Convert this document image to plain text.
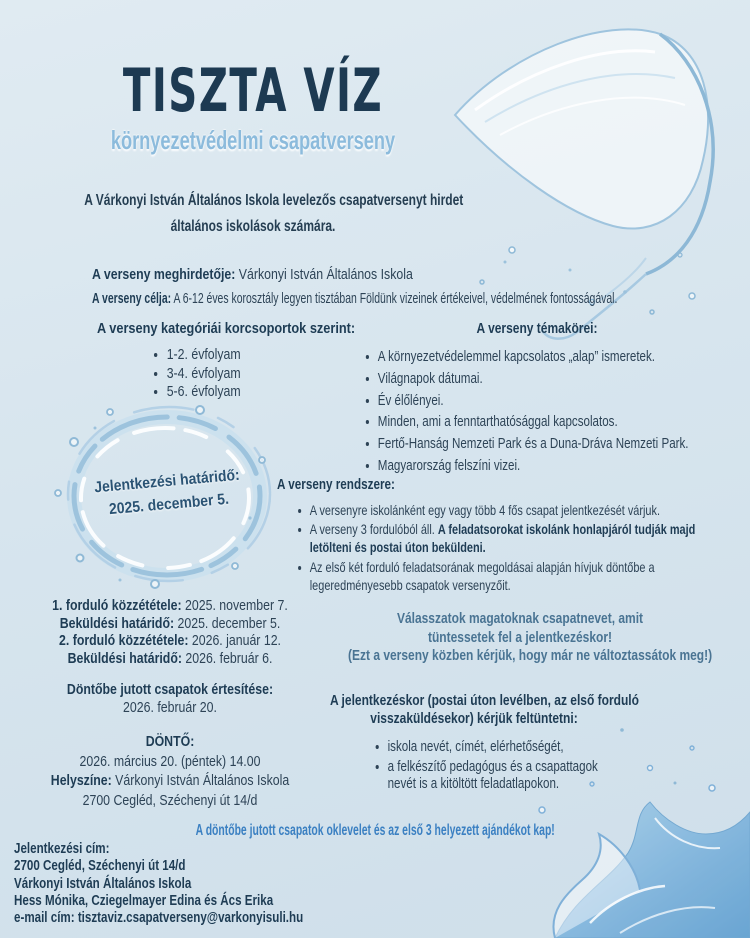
TISZTA VÍZ
környezetvédelmi csapatverseny
A Várkonyi István Általános Iskola levelezős csapatversenyt hirdet
általános iskolások számára.
A verseny meghirdetője: Várkonyi István Általános Iskola
A verseny célja: A 6-12 éves korosztály legyen tisztában Földünk vizeinek értékeivel, védelmének fontosságával.
A verseny kategóriái korcsoportok szerint:
• 1-2. évfolyam
• 3-4. évfolyam
• 5-6. évfolyam
A verseny témakörei:
• A környezetvédelemmel kapcsolatos „alap” ismeretek.
• Világnapok dátumai.
• Év élőlényei.
• Minden, ami a fenntarthatósággal kapcsolatos.
• Fertő-Hanság Nemzeti Park és a Duna-Dráva Nemzeti Park.
• Magyarország felszíni vizei.
Jelentkezési határidő:
2025. december 5.
A verseny rendszere:
• A versenyre iskolánként egy vagy több 4 fős csapat jelentkezését várjuk.
• A verseny 3 fordulóból áll. A feladatsorokat iskolánk honlapjáról tudják majd letölteni és postai úton beküldeni.
• Az első két forduló feladatsorának megoldásai alapján hívjuk döntőbe a legeredményesebb csapatok versenyzőit.
1. forduló közzététele: 2025. november 7.
Beküldési határidő: 2025. december 5.
2. forduló közzététele: 2026. január 12.
Beküldési határidő: 2026. február 6.
Döntőbe jutott csapatok értesítése:
2026. február 20.
DÖNTŐ:
2026. március 20. (péntek) 14.00
Helyszíne: Várkonyi István Általános Iskola
2700 Cegléd, Széchenyi út 14/d
Válasszatok magatoknak csapatnevet, amit
tüntessetek fel a jelentkezéskor!
(Ezt a verseny közben kérjük, hogy már ne változtassátok meg!)
A jelentkezéskor (postai úton levélben, az első forduló
visszaküldésekor) kérjük feltüntetni:
• iskola nevét, címét, elérhetőségét,
• a felkészítő pedagógus és a csapattagok nevét is a kitöltött feladatlapokon.
A döntőbe jutott csapatok oklevelet és az első 3 helyezett ajándékot kap!
Jelentkezési cím:
2700 Cegléd, Széchenyi út 14/d
Várkonyi István Általános Iskola
Hess Mónika, Cziegelmayer Edina és Ács Erika
e-mail cím: tisztaviz.csapatverseny@varkonyisuli.hu
